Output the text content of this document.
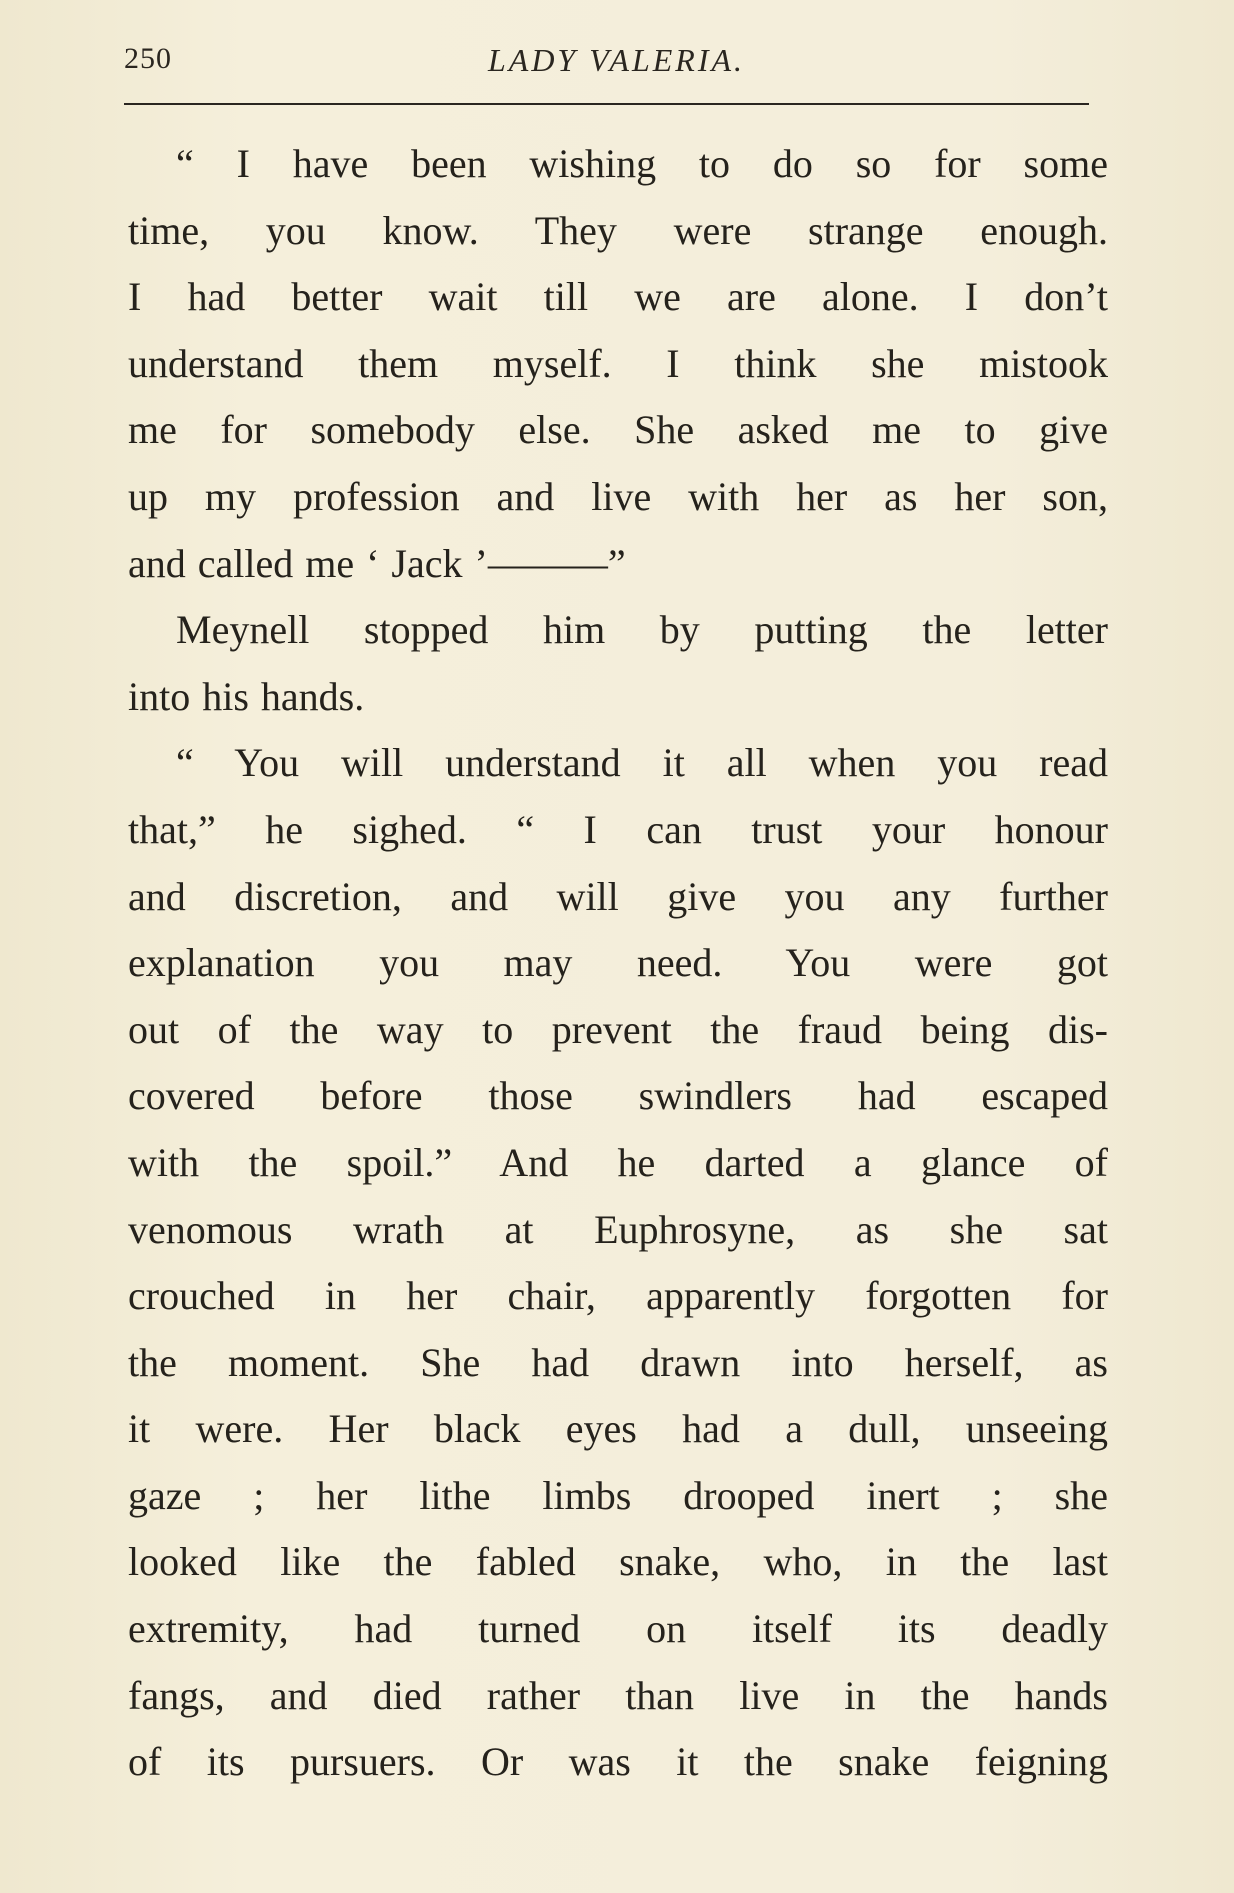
250	LADY VALERIA.
“ I have been wishing to do so for some
time, you know. They were strange enough.
I had better wait till we are alone. I don’t
understand them myself. I think she mistook
me for somebody else. She asked me to give
up my profession and live with her as her son,
and called me ‘ Jack ’———”
Meynell stopped him by putting the letter
into his hands.
“ You will understand it all when you read
that,” he sighed. “ I can trust your honour
and discretion, and will give you any further
explanation you may need. You were got
out of the way to prevent the fraud being dis-
covered before those swindlers had escaped
with the spoil.” And he darted a glance of
venomous wrath at Euphrosyne, as she sat
crouched in her chair, apparently forgotten for
the moment. She had drawn into herself, as
it were. Her black eyes had a dull, unseeing
gaze ; her lithe limbs drooped inert ; she
looked like the fabled snake, who, in the last
extremity, had turned on itself its deadly
fangs, and died rather than live in the hands
of its pursuers. Or was it the snake feigning
